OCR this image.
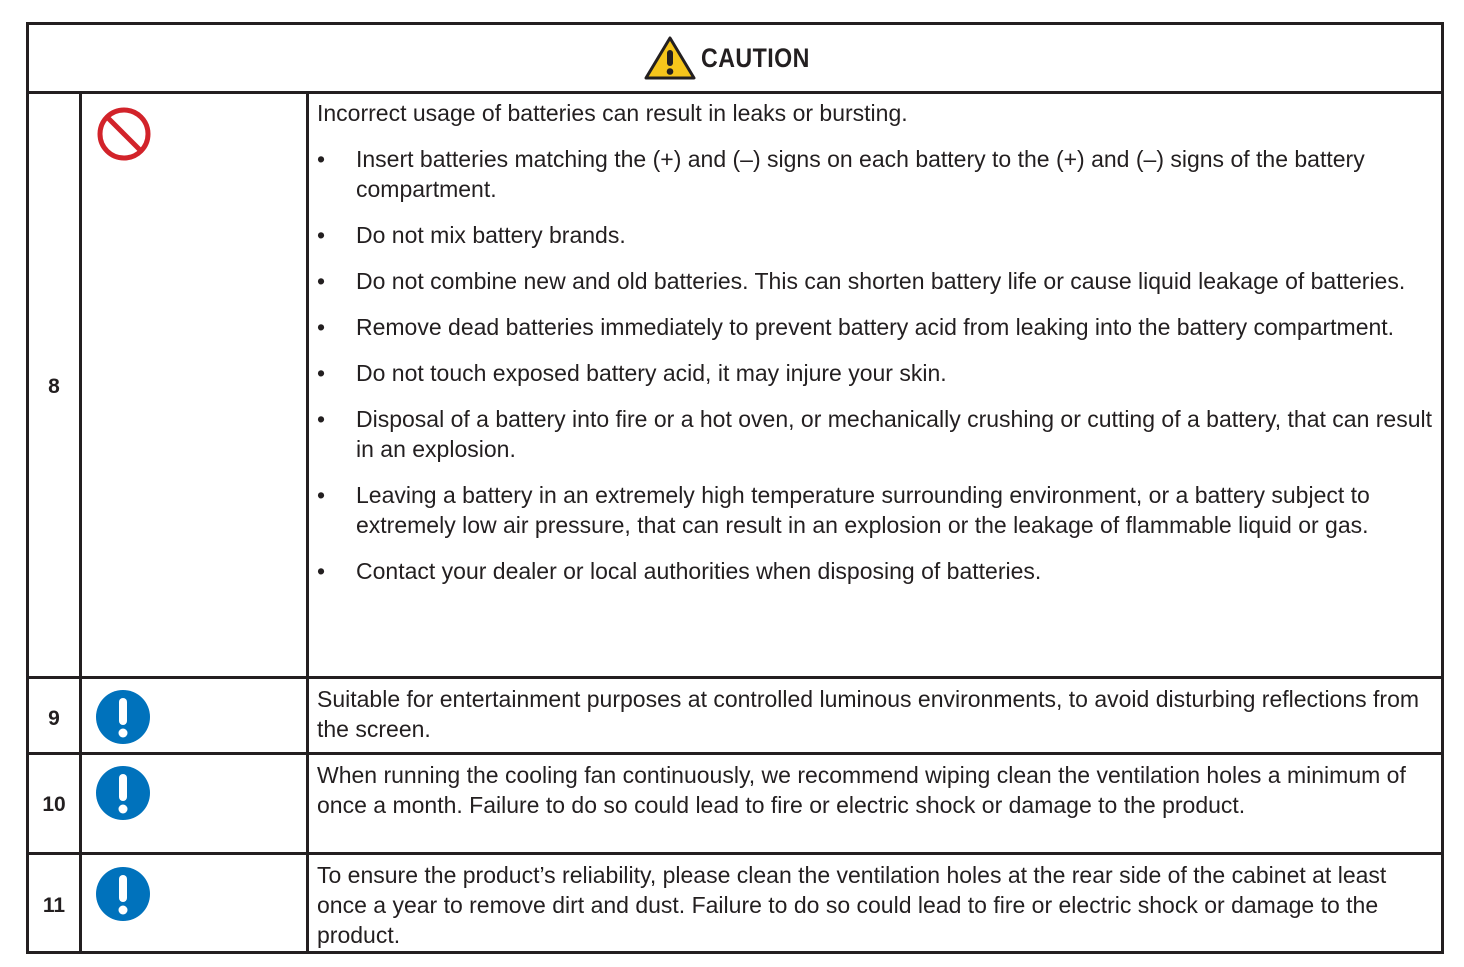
CAUTION
8

Incorrect usage of batteries can result in leaks or bursting.

• Insert batteries matching the (+) and (–) signs on each battery to the (+) and (–) signs of the battery compartment.
• Do not mix battery brands.
• Do not combine new and old batteries. This can shorten battery life or cause liquid leakage of batteries.
• Remove dead batteries immediately to prevent battery acid from leaking into the battery compartment.
• Do not touch exposed battery acid, it may injure your skin.
• Disposal of a battery into fire or a hot oven, or mechanically crushing or cutting of a battery, that can result in an explosion.
• Leaving a battery in an extremely high temperature surrounding environment, or a battery subject to extremely low air pressure, that can result in an explosion or the leakage of flammable liquid or gas.
• Contact your dealer or local authorities when disposing of batteries.
9

Suitable for entertainment purposes at controlled luminous environments, to avoid disturbing reflections from the screen.

10

When running the cooling fan continuously, we recommend wiping clean the ventilation holes a minimum of once a month. Failure to do so could lead to fire or electric shock or damage to the product.

11

To ensure the product’s reliability, please clean the ventilation holes at the rear side of the cabinet at least once a year to remove dirt and dust. Failure to do so could lead to fire or electric shock or damage to the product.
